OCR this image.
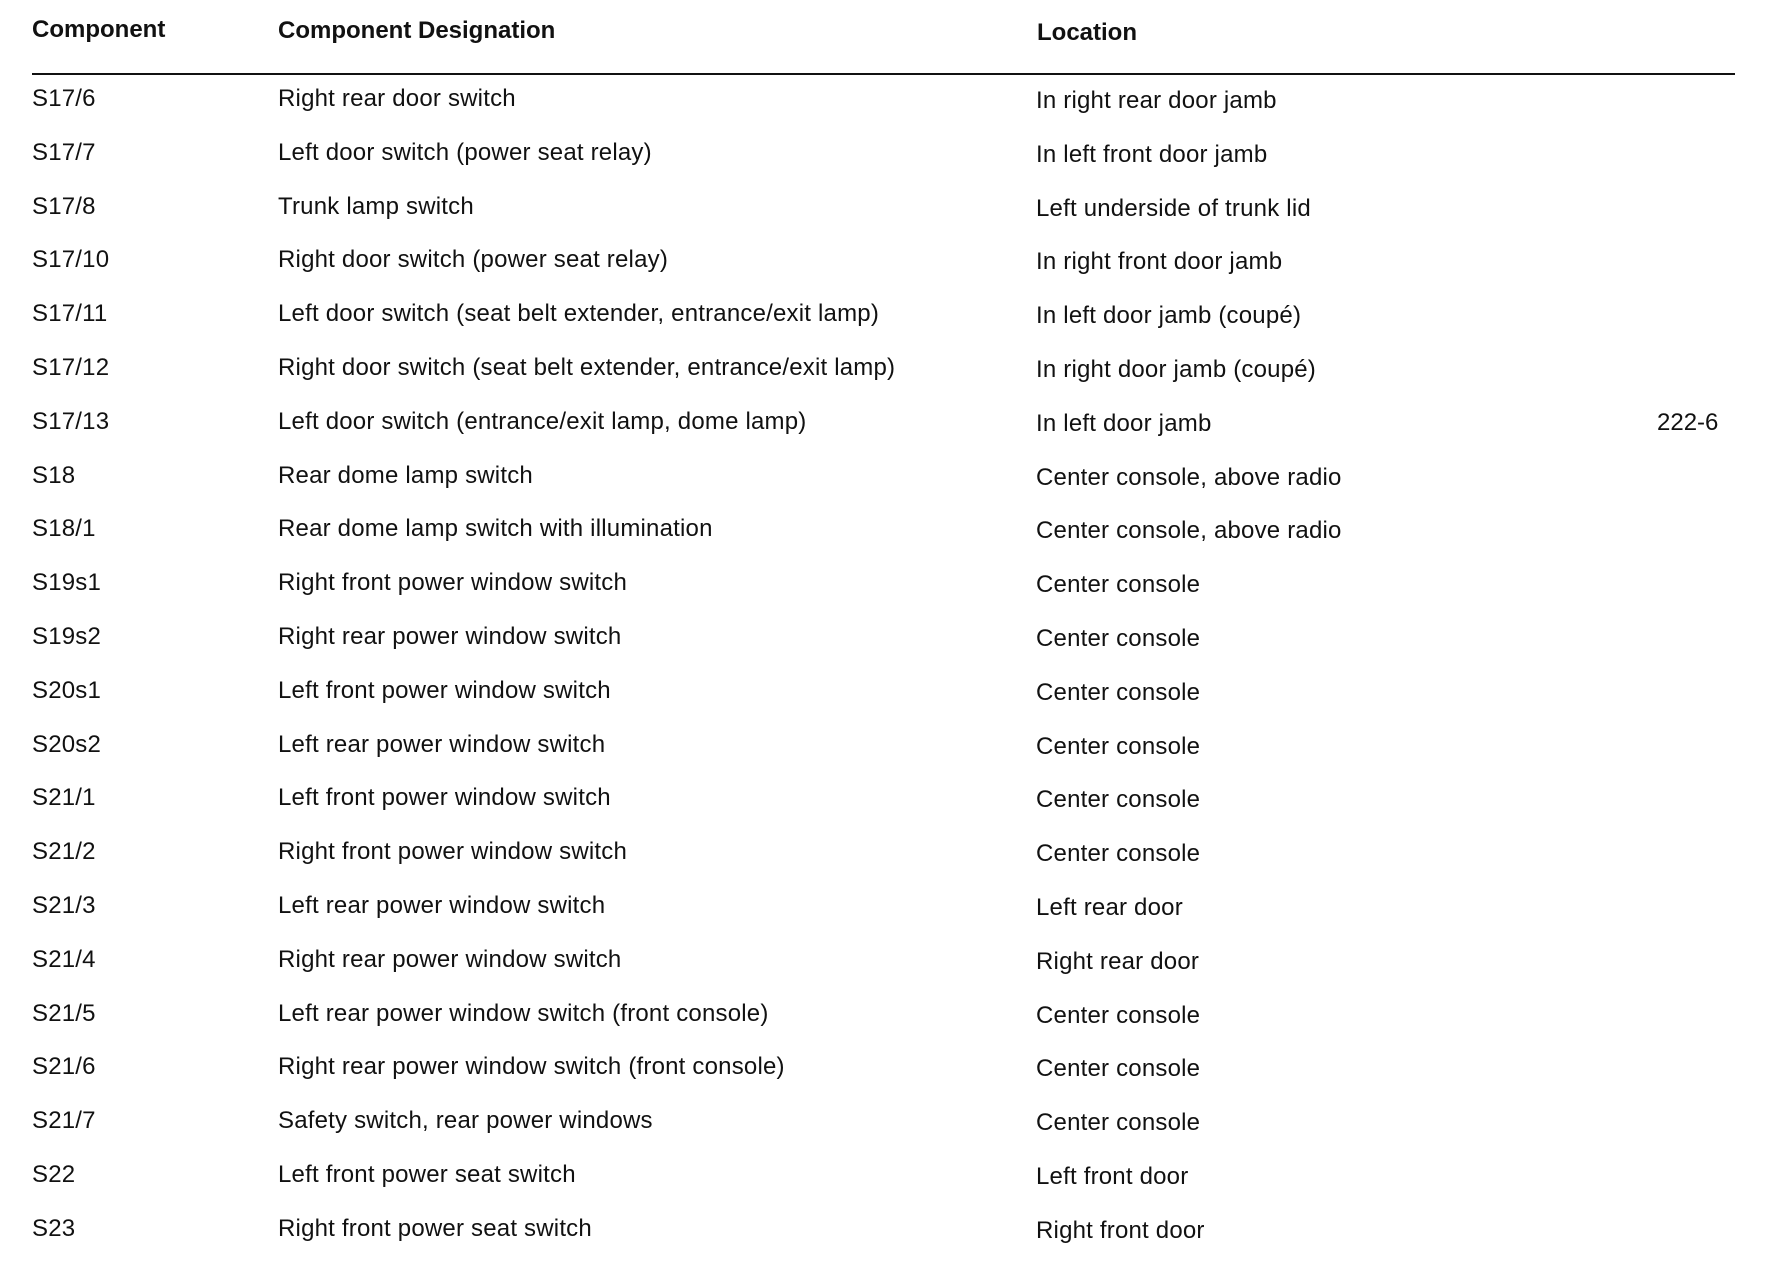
Component	Component Designation	Location
S17/6	Right rear door switch	In right rear door jamb
S17/7	Left door switch (power seat relay)	In left front door jamb
S17/8	Trunk lamp switch	Left underside of trunk lid
S17/10	Right door switch (power seat relay)	In right front door jamb
S17/11	Left door switch (seat belt extender, entrance/exit lamp)	In left door jamb (coupé)
S17/12	Right door switch (seat belt extender, entrance/exit lamp)	In right door jamb (coupé)
S17/13	Left door switch (entrance/exit lamp, dome lamp)	In left door jamb
S18	Rear dome lamp switch	Center console, above radio
S18/1	Rear dome lamp switch with illumination	Center console, above radio
S19s1	Right front power window switch	Center console
S19s2	Right rear power window switch	Center console
S20s1	Left front power window switch	Center console
S20s2	Left rear power window switch	Center console
S21/1	Left front power window switch	Center console
S21/2	Right front power window switch	Center console
S21/3	Left rear power window switch	Left rear door
S21/4	Right rear power window switch	Right rear door
S21/5	Left rear power window switch (front console)	Center console
S21/6	Right rear power window switch (front console)	Center console
S21/7	Safety switch, rear power windows	Center console
S22	Left front power seat switch	Left front door
S23	Right front power seat switch	Right front door
222-6
